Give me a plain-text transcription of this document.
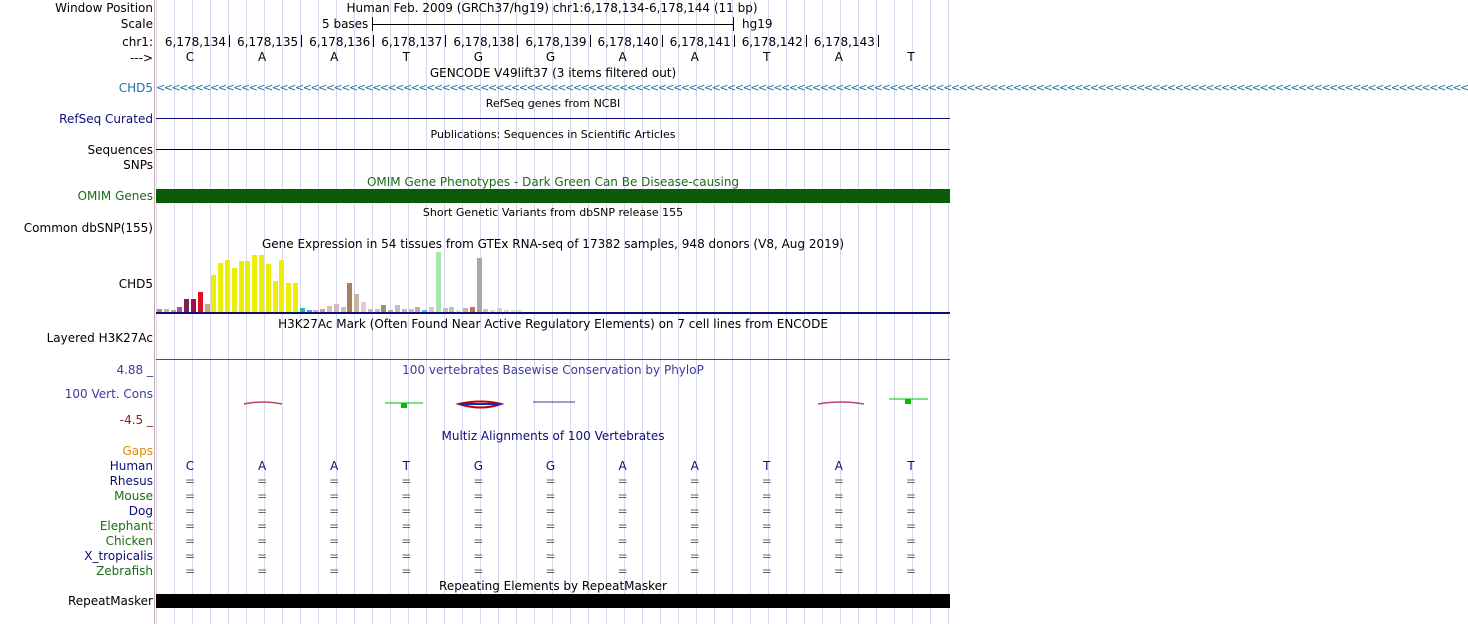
Window Position
Scale
chr1:
--->
Human Feb. 2009 (GRCh37/hg19) chr1:6,178,134-6,178,144 (11 bp)
5 bases	hg19
6,178,134 6,178,135 6,178,136 6,178,137 6,178,138 6,178,139 6,178,140 6,178,141 6,178,142 6,178,143
C	A	A	T	G	G	A	A	T	A	T
GENCODE V49lift37 (3 items filtered out)
CHD5 <<<<<<<<<<<<<<<<<<<<<<<<<<<<<<<<<<<<<<<<<<<<<<<<<<<<<<<<<<<<<<<<<<<<<<<<<<<<<<<<<<<<<<<<<<<<<<<<<<<<<<<<<<<<<<<<<<<<<<<<<<<<<<<<<<<<<<<<<<<<<<<<<<<<<<<<<<<<<<<<<<<<<<<<<<
RefSeq genes from NCBI
RefSeq Curated
Publications: Sequences in Scientific Articles
Sequences
SNPs
OMIM Gene Phenotypes - Dark Green Can Be Disease-causing
OMIM Genes
Short Genetic Variants from dbSNP release 155
Common dbSNP(155)
Gene Expression in 54 tissues from GTEx RNA-seq of 17382 samples, 948 donors (V8, Aug 2019)
CHD5
H3K27Ac Mark (Often Found Near Active Regulatory Elements) on 7 cell lines from ENCODE
Layered H3K27Ac
100 vertebrates Basewise Conservation by PhyloP
4.88 _
100 Vert. Cons
-4.5 _
Multiz Alignments of 100 Vertebrates
Gaps
Human	C	A	A	T	G	G	A	A	T	A	T
Rhesus	=	=	=	=	=	=	=	=	=	=	=
Mouse	=	=	=	=	=	=	=	=	=	=	=
Dog	=	=	=	=	=	=	=	=	=	=	=
Elephant	=	=	=	=	=	=	=	=	=	=	=
Chicken	=	=	=	=	=	=	=	=	=	=	=
X_tropicalis	=	=	=	=	=	=	=	=	=	=	=
Zebrafish	=	=	=	=	=	=	=	=	=	=	=
Repeating Elements by RepeatMasker
RepeatMasker
